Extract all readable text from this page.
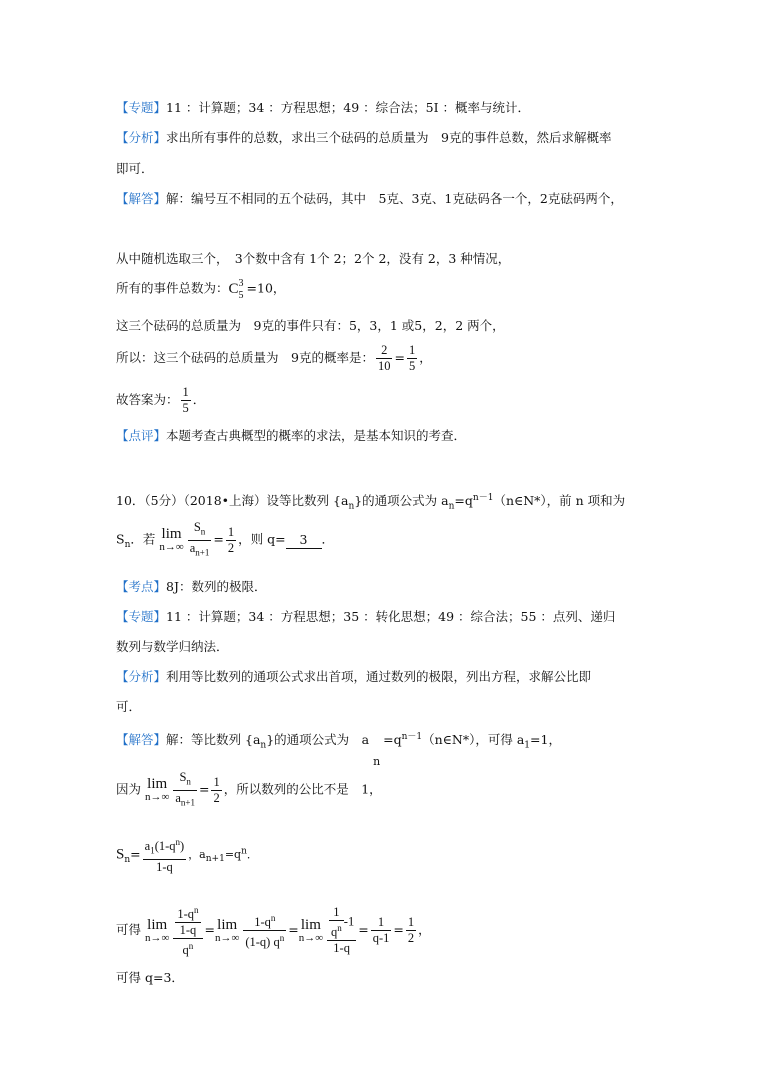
【专题】11 ：计算题；34 ：方程思想；49 ：综合法；5I ：概率与统计．
【分析】求出所有事件的总数，求出三个砝码的总质量为　9克的事件总数，然后求解概率
即可．
【解答】解：编号互不相同的五个砝码，其中　5克、3克、1克砝码各一个，2克砝码两个，
从中随机选取三个，　3个数中含有 1个 2；2个 2，没有 2，3 种情况，
所有的事件总数为： C 3
5 =10，
这三个砝码的总质量为　9克的事件只有：5，3，1 或5，2，2 两个，
所以：这三个砝码的总质量为　9克的概率是： $\frac{2}{10} = \frac{1}{5}$ ，
故答案为： $\frac{1}{5}$ ．
【点评】本题考查古典概型的概率的求法，是基本知识的考查．
10．（5分）（2018•上海）设等比数列 $\{a_n\}$的通项公式为 $a_n=q^{n-1}(n\in N*)$，前 n 项和为
$S_n$．若 lim
$n\to\infty \frac{S_n}{a_{n+1}} = \frac{1}{2}$ ，则 q= 3 ．
【考点】8J：数列的极限．
【专题】11 ：计算题；34 ：方程思想；35 ：转化思想；49 ：综合法；55 ：点列、递归
数列与数学归纳法．
【分析】利用等比数列的通项公式求出首项，通过数列的极限，列出方程，求解公比即
可．
【解答】解：等比数列 $\{a_n\}$的通项公式为　a
n
$=q^{n-1}(n\in N*)$，可得 $a_1=1$，
因为 lim
$n\to\infty \frac{S_n}{a_{n+1}} = \frac{1}{2}$ ，所以数列的公比不是　1，
$S_n= \frac{a_1(1-q^n)}{1-q}$ ，$a_{n+1}=q^n$．
可得 lim
$n\to\infty \frac{\frac{1-q^n}{1-q}}{q^n} = \lim$
$n\to\infty \frac{1-q^n}{(1-q) q^n} = \lim$
$n\to\infty \frac{\frac{1}{q^n} -1}{1-q} = \frac{1}{q-1} = \frac{1}{2}$ ，
可得 q=3．
